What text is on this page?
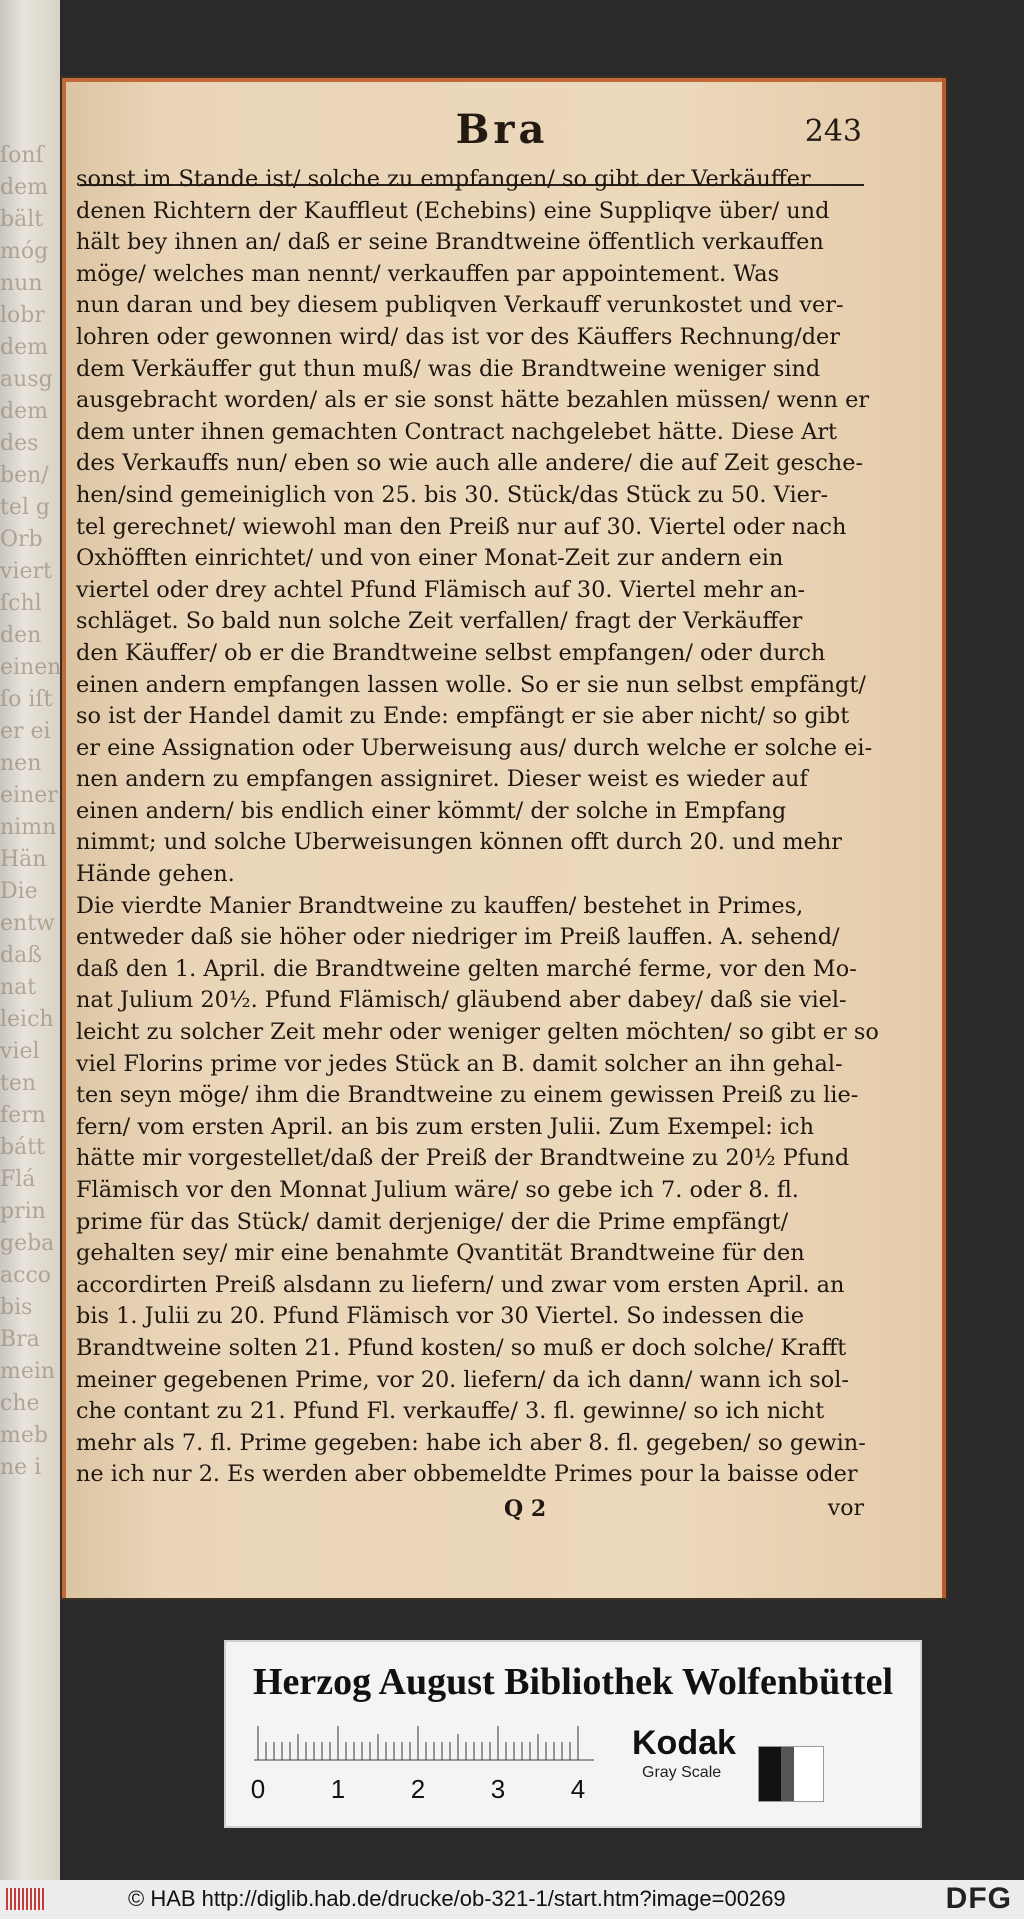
ſonſ
dem
bält
móg
nun
lobr
dem
ausg
dem
des
ben/
tel g
Orb
viert
ſchl
den
einen
ſo iſt
er ei
nen
einer
nimn
Hän
Die
entw
daß
nat
leich
viel
ten
fern
bátt
Flá
prin
geba
acco
bis
Bra
mein
che
meb
ne i
Bra	243
sonst im Stande ist/ solche zu empfangen/ so gibt der Verkäuffer
denen Richtern der Kauffleut (Echebins) eine Suppliqve über/ und
hält bey ihnen an/ daß er seine Brandtweine öffentlich verkauffen
möge/ welches man nennt/ verkauffen par appointement. Was
nun daran und bey diesem publiqven Verkauff verunkostet und ver-
lohren oder gewonnen wird/ das ist vor des Käuffers Rechnung/der
dem Verkäuffer gut thun muß/ was die Brandtweine weniger sind
ausgebracht worden/ als er sie sonst hätte bezahlen müssen/ wenn er
dem unter ihnen gemachten Contract nachgelebet hätte. Diese Art
des Verkauffs nun/ eben so wie auch alle andere/ die auf Zeit gesche-
hen/sind gemeiniglich von 25. bis 30. Stück/das Stück zu 50. Vier-
tel gerechnet/ wiewohl man den Preiß nur auf 30. Viertel oder nach
Oxhöfften einrichtet/ und von einer Monat-Zeit zur andern ein
viertel oder drey achtel Pfund Flämisch auf 30. Viertel mehr an-
schläget. So bald nun solche Zeit verfallen/ fragt der Verkäuffer
den Käuffer/ ob er die Brandtweine selbst empfangen/ oder durch
einen andern empfangen lassen wolle. So er sie nun selbst empfängt/
so ist der Handel damit zu Ende: empfängt er sie aber nicht/ so gibt
er eine Assignation oder Uberweisung aus/ durch welche er solche ei-
nen andern zu empfangen assigniret. Dieser weist es wieder auf
einen andern/ bis endlich einer kömmt/ der solche in Empfang
nimmt; und solche Uberweisungen können offt durch 20. und mehr
Hände gehen.
Die vierdte Manier Brandtweine zu kauffen/ bestehet in Primes,
entweder daß sie höher oder niedriger im Preiß lauffen. A. sehend/
daß den 1. April. die Brandtweine gelten marché ferme, vor den Mo-
nat Julium 20½. Pfund Flämisch/ gläubend aber dabey/ daß sie viel-
leicht zu solcher Zeit mehr oder weniger gelten möchten/ so gibt er so
viel Florins prime vor jedes Stück an B. damit solcher an ihn gehal-
ten seyn möge/ ihm die Brandtweine zu einem gewissen Preiß zu lie-
fern/ vom ersten April. an bis zum ersten Julii. Zum Exempel: ich
hätte mir vorgestellet/daß der Preiß der Brandtweine zu 20½ Pfund
Flämisch vor den Monnat Julium wäre/ so gebe ich 7. oder 8. fl.
prime für das Stück/ damit derjenige/ der die Prime empfängt/
gehalten sey/ mir eine benahmte Qvantität Brandtweine für den
accordirten Preiß alsdann zu liefern/ und zwar vom ersten April. an
bis 1. Julii zu 20. Pfund Flämisch vor 30 Viertel. So indessen die
Brandtweine solten 21. Pfund kosten/ so muß er doch solche/ Krafft
meiner gegebenen Prime, vor 20. liefern/ da ich dann/ wann ich sol-
che contant zu 21. Pfund Fl. verkauffe/ 3. fl. gewinne/ so ich nicht
mehr als 7. fl. Prime gegeben: habe ich aber 8. fl. gegeben/ so gewin-
ne ich nur 2. Es werden aber obbemeldte Primes pour la baisse oder
Q 2	vor
Herzog August Bibliothek Wolfenbüttel
0	1	2	3	4
Kodak
Gray Scale
© HAB http://diglib.hab.de/drucke/ob-321-1/start.htm?image=00269	DFG
